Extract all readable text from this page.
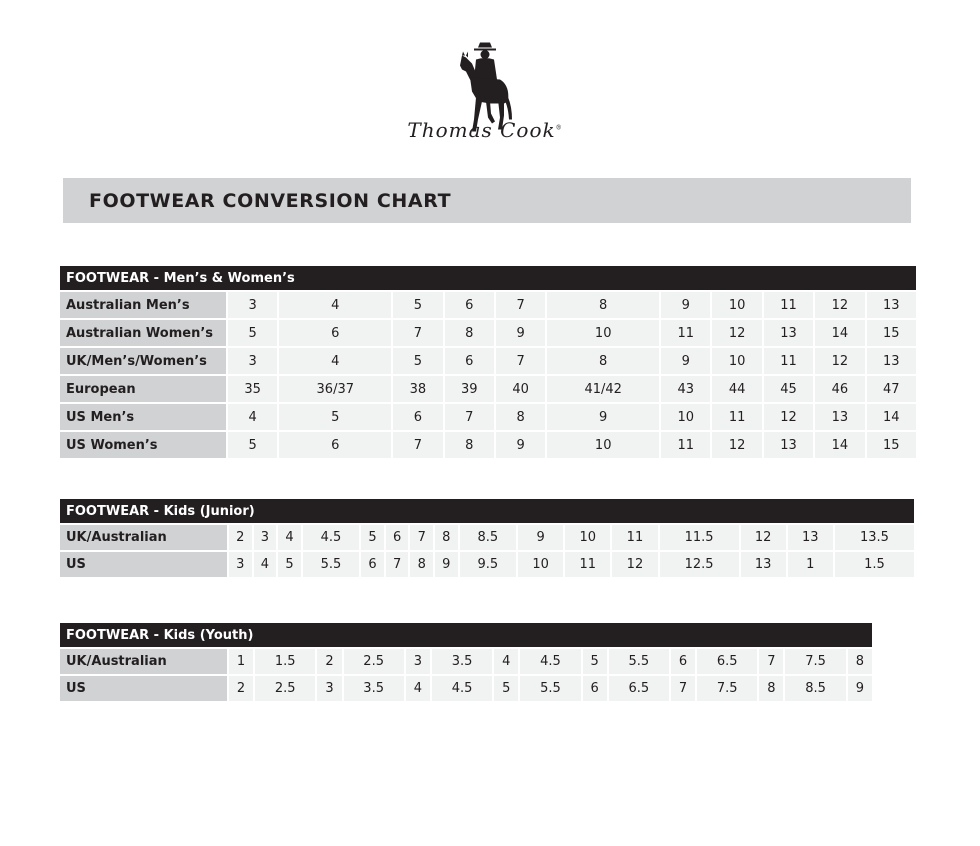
Thomas Cook®
FOOTWEAR CONVERSION CHART
FOOTWEAR - Men’s & Women’s											
Australian Men’s	3	4	5	6	7	8	9	10	11	12	13
Australian Women’s	5	6	7	8	9	10	11	12	13	14	15
UK/Men’s/Women’s	3	4	5	6	7	8	9	10	11	12	13
European	35	36/37	38	39	40	41/42	43	44	45	46	47
US Men’s	4	5	6	7	8	9	10	11	12	13	14
US Women’s	5	6	7	8	9	10	11	12	13	14	15
FOOTWEAR - Kids (Junior)																
UK/Australian	2	3	4	4.5	5	6	7	8	8.5	9	10	11	11.5	12	13	13.5
US	3	4	5	5.5	6	7	8	9	9.5	10	11	12	12.5	13	1	1.5
FOOTWEAR - Kids (Youth)															
UK/Australian	1	1.5	2	2.5	3	3.5	4	4.5	5	5.5	6	6.5	7	7.5	8
US	2	2.5	3	3.5	4	4.5	5	5.5	6	6.5	7	7.5	8	8.5	9
